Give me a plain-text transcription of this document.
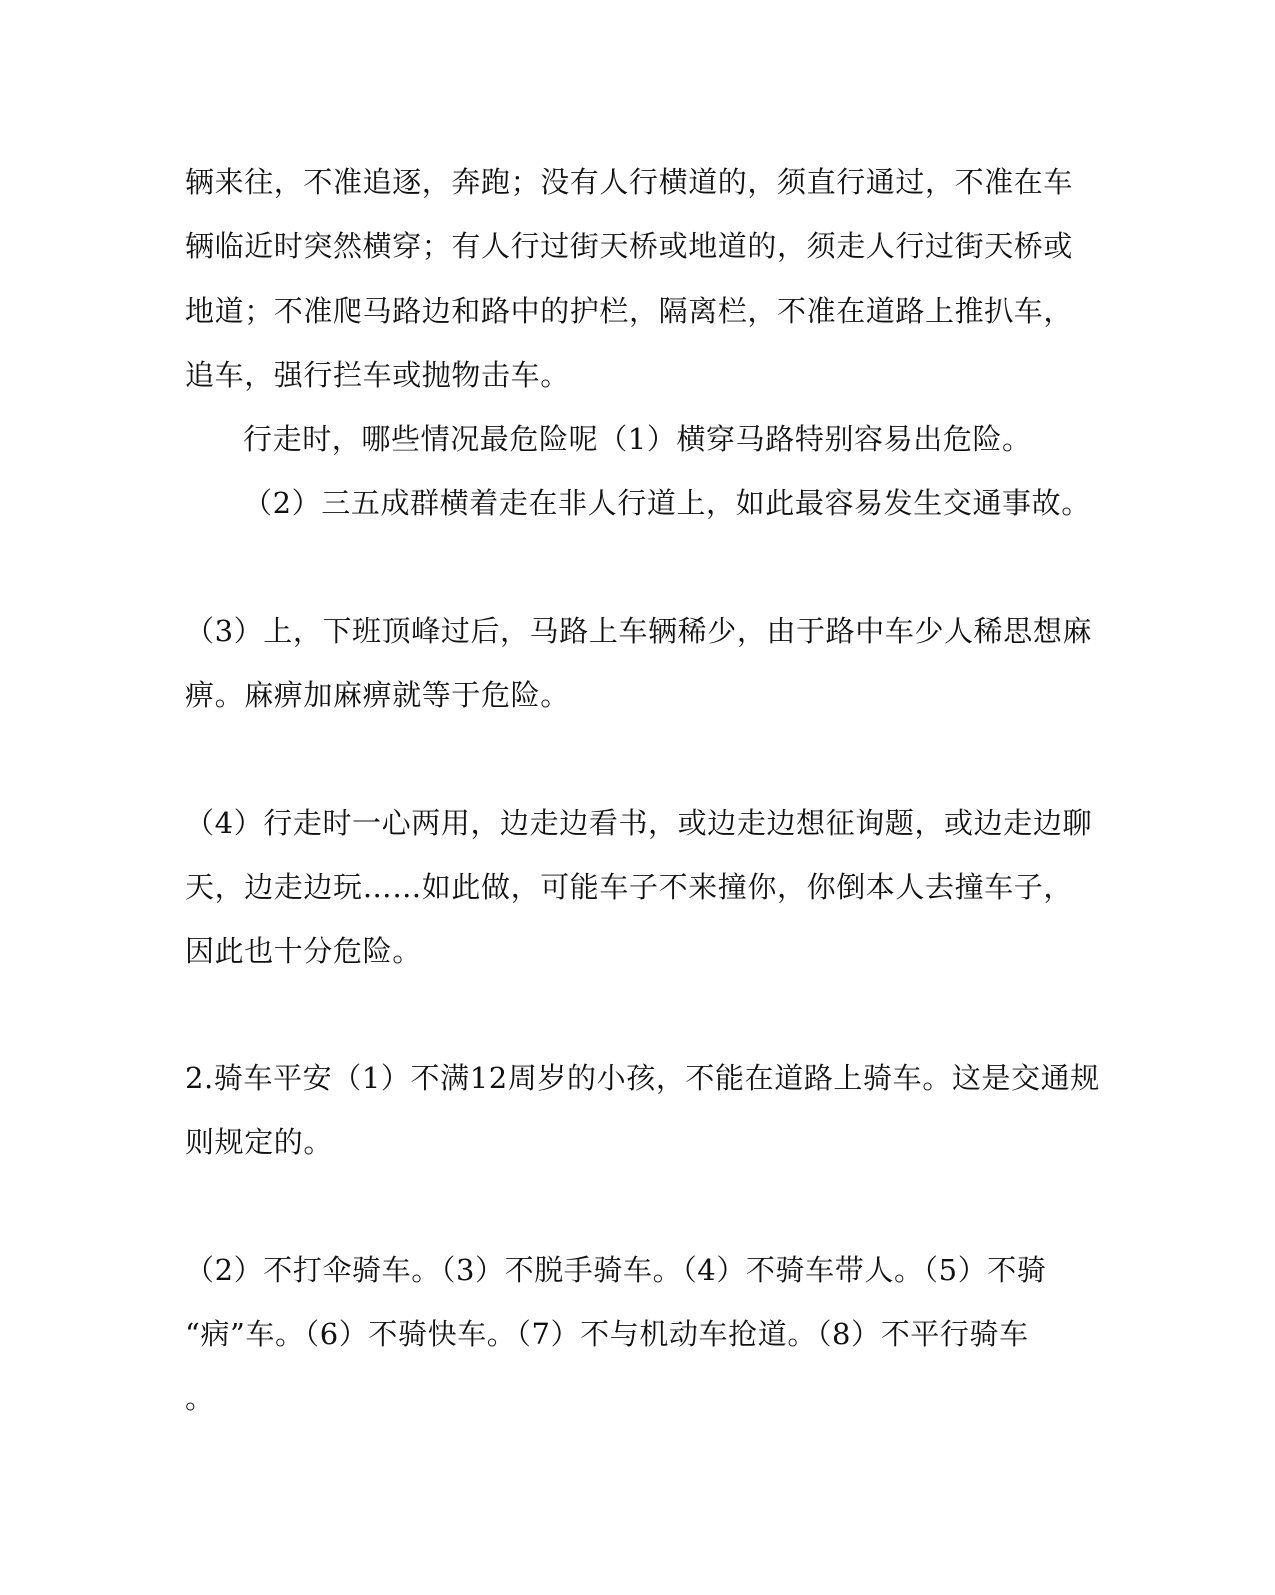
辆来往，不准追逐，奔跑；没有人行横道的，须直行通过，不准在车
辆临近时突然横穿；有人行过街天桥或地道的，须走人行过街天桥或
地道；不准爬马路边和路中的护栏，隔离栏，不准在道路上推扒车，
追车，强行拦车或抛物击车。
行走时，哪些情况最危险呢（1）横穿马路特别容易出危险。
（2）三五成群横着走在非人行道上，如此最容易发生交通事故。
（3）上，下班顶峰过后，马路上车辆稀少，由于路中车少人稀思想麻
痹。麻痹加麻痹就等于危险。
（4）行走时一心两用，边走边看书，或边走边想征询题，或边走边聊
天，边走边玩……如此做，可能车子不来撞你，你倒本人去撞车子，
因此也十分危险。
2.骑车平安（1）不满12周岁的小孩，不能在道路上骑车。这是交通规
则规定的。
（2）不打伞骑车。（3）不脱手骑车。（4）不骑车带人。（5）不骑
“病”车。（6）不骑快车。（7）不与机动车抢道。（8）不平行骑车
。
